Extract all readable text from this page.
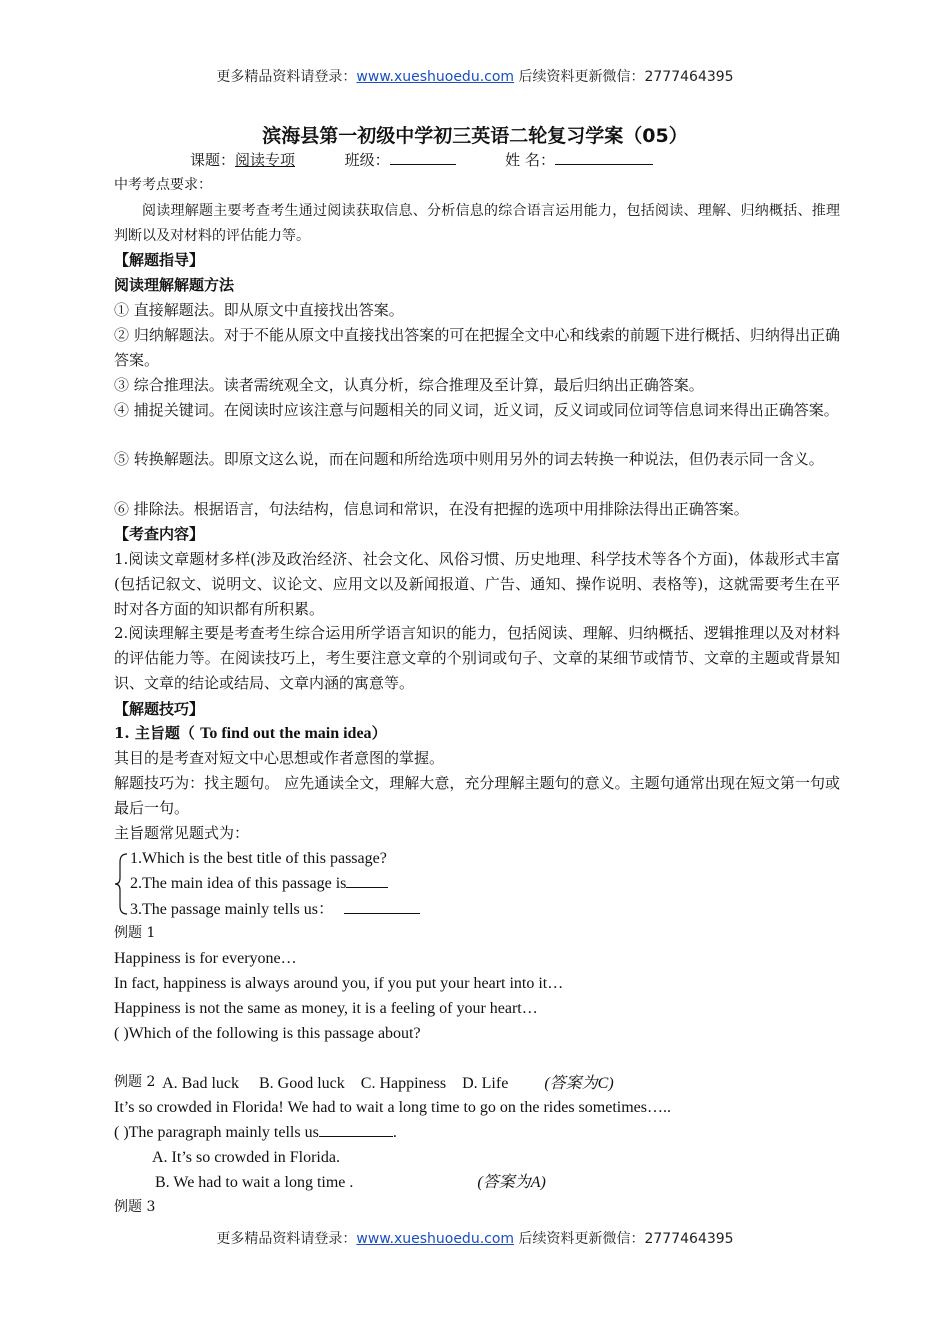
更多精品资料请登录：www.xueshuoedu.com 后续资料更新微信：2777464395
滨海县第一初级中学初三英语二轮复习学案（05）
课题：阅读专项	班级：	姓 名：
中考考点要求：
阅读理解题主要考查考生通过阅读获取信息、分析信息的综合语言运用能力，包括阅读、理解、归纳概括、推理判断以及对材料的评估能力等。
【解题指导】
阅读理解解题方法
① 直接解题法。即从原文中直接找出答案。
② 归纳解题法。对于不能从原文中直接找出答案的可在把握全文中心和线索的前题下进行概括、归纳得出正确答案。
③ 综合推理法。读者需统观全文，认真分析，综合推理及至计算，最后归纳出正确答案。
④ 捕捉关键词。在阅读时应该注意与问题相关的同义词，近义词，反义词或同位词等信息词来得出正确答案。
⑤ 转换解题法。即原文这么说，而在问题和所给选项中则用另外的词去转换一种说法，但仍表示同一含义。
⑥ 排除法。根据语言，句法结构，信息词和常识，在没有把握的选项中用排除法得出正确答案。
【考查内容】
1.阅读文章题材多样(涉及政治经济、社会文化、风俗习惯、历史地理、科学技术等各个方面)，体裁形式丰富(包括记叙文、说明文、议论文、应用文以及新闻报道、广告、通知、操作说明、表格等)，这就需要考生在平时对各方面的知识都有所积累。
2.阅读理解主要是考查考生综合运用所学语言知识的能力，包括阅读、理解、归纳概括、逻辑推理以及对材料的评估能力等。在阅读技巧上，考生要注意文章的个别词或句子、文章的某细节或情节、文章的主题或背景知识、文章的结论或结局、文章内涵的寓意等。
【解题技巧】
1. 主旨题（ To find out the main idea）
其目的是考查对短文中心思想或作者意图的掌握。
解题技巧为：找主题句。 应先通读全文，理解大意，充分理解主题句的意义。主题句通常出现在短文第一句或最后一句。
主旨题常见题式为：
1.Which is the best title of this passage?
2.The main idea of this passage is
3.The passage mainly tells us：
例题 1
Happiness is for everyone…
In fact, happiness is always around you, if you put your heart into it…
Happiness is not the same as money, it is a feeling of your heart…
( )Which of the following is this passage about?

A. Bad luck     B. Good luck    C. Happiness    D. Life (答案为C)

例题 2
It’s so crowded in Florida! We had to wait a long time to go on the rides sometimes…..
( )The paragraph mainly tells us	.
A. It’s so crowded in Florida.
B. We had to wait a long time .	(答案为A)
例题 3
更多精品资料请登录：www.xueshuoedu.com 后续资料更新微信：2777464395
